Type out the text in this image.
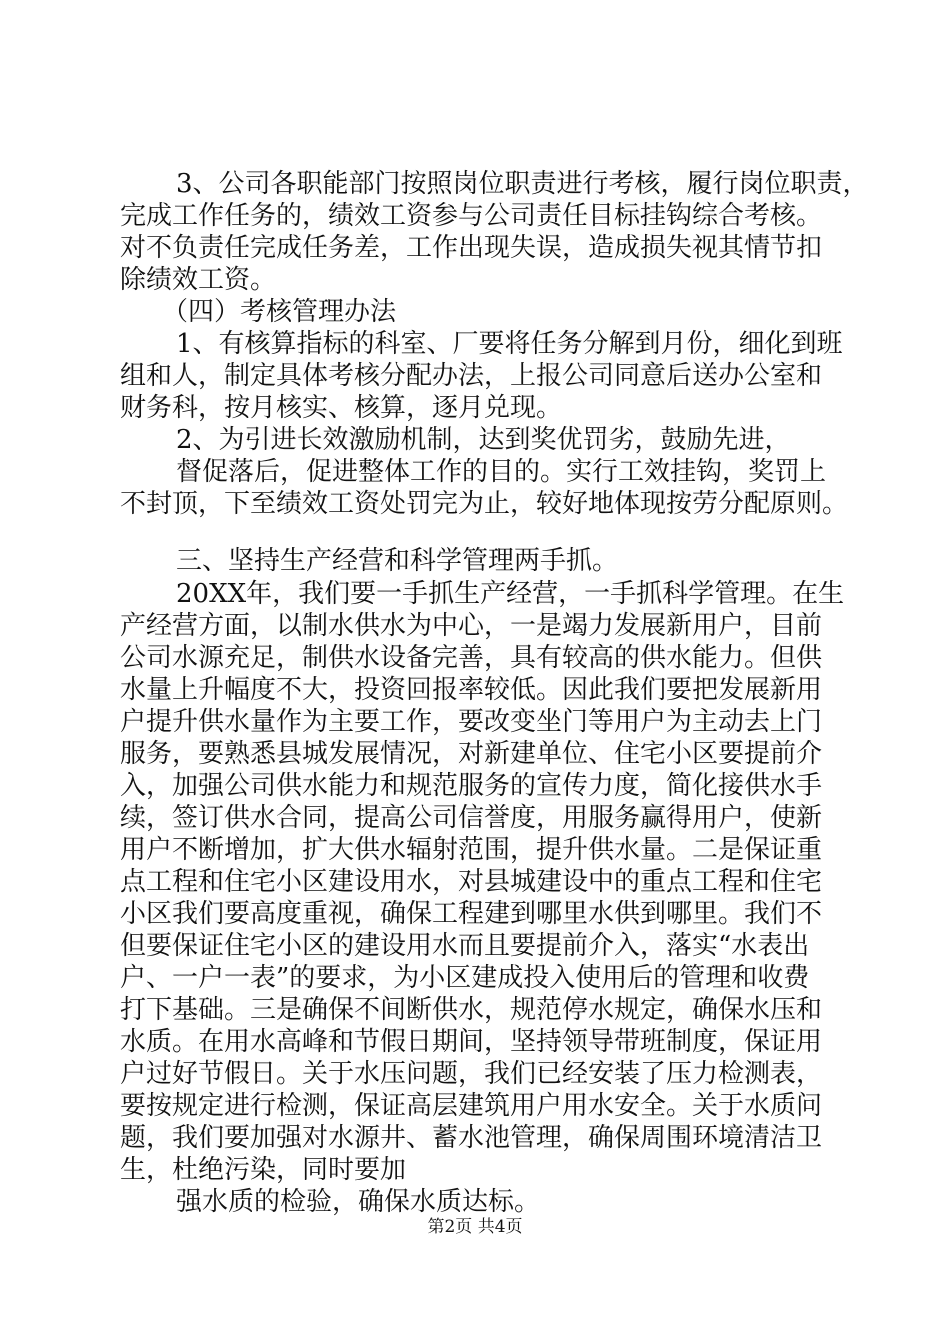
3、公司各职能部门按照岗位职责进行考核，履行岗位职责，

完成工作任务的，绩效工资参与公司责任目标挂钩综合考核。

对不负责任完成任务差，工作出现失误，造成损失视其情节扣

除绩效工资。

（四）考核管理办法

1、有核算指标的科室、厂要将任务分解到月份，细化到班

组和人，制定具体考核分配办法，上报公司同意后送办公室和

财务科，按月核实、核算，逐月兑现。

2、为引进长效激励机制，达到奖优罚劣，鼓励先进，

督促落后，促进整体工作的目的。实行工效挂钩，奖罚上

不封顶，下至绩效工资处罚完为止，较好地体现按劳分配原则。

三、坚持生产经营和科学管理两手抓。

20XX年，我们要一手抓生产经营，一手抓科学管理。在生

产经营方面，以制水供水为中心，一是竭力发展新用户，目前

公司水源充足，制供水设备完善，具有较高的供水能力。但供

水量上升幅度不大，投资回报率较低。因此我们要把发展新用

户提升供水量作为主要工作，要改变坐门等用户为主动去上门

服务，要熟悉县城发展情况，对新建单位、住宅小区要提前介

入，加强公司供水能力和规范服务的宣传力度，简化接供水手

续，签订供水合同，提高公司信誉度，用服务赢得用户，使新

用户不断增加，扩大供水辐射范围，提升供水量。二是保证重

点工程和住宅小区建设用水，对县城建设中的重点工程和住宅

小区我们要高度重视，确保工程建到哪里水供到哪里。我们不

但要保证住宅小区的建设用水而且要提前介入，落实“水表出

户、一户一表”的要求，为小区建成投入使用后的管理和收费

打下基础。三是确保不间断供水，规范停水规定，确保水压和

水质。在用水高峰和节假日期间，坚持领导带班制度，保证用

户过好节假日。关于水压问题，我们已经安装了压力检测表，

要按规定进行检测，保证高层建筑用户用水安全。关于水质问

题，我们要加强对水源井、蓄水池管理，确保周围环境清洁卫

生，杜绝污染，同时要加

强水质的检验，确保水质达标。

第2页 共4页
